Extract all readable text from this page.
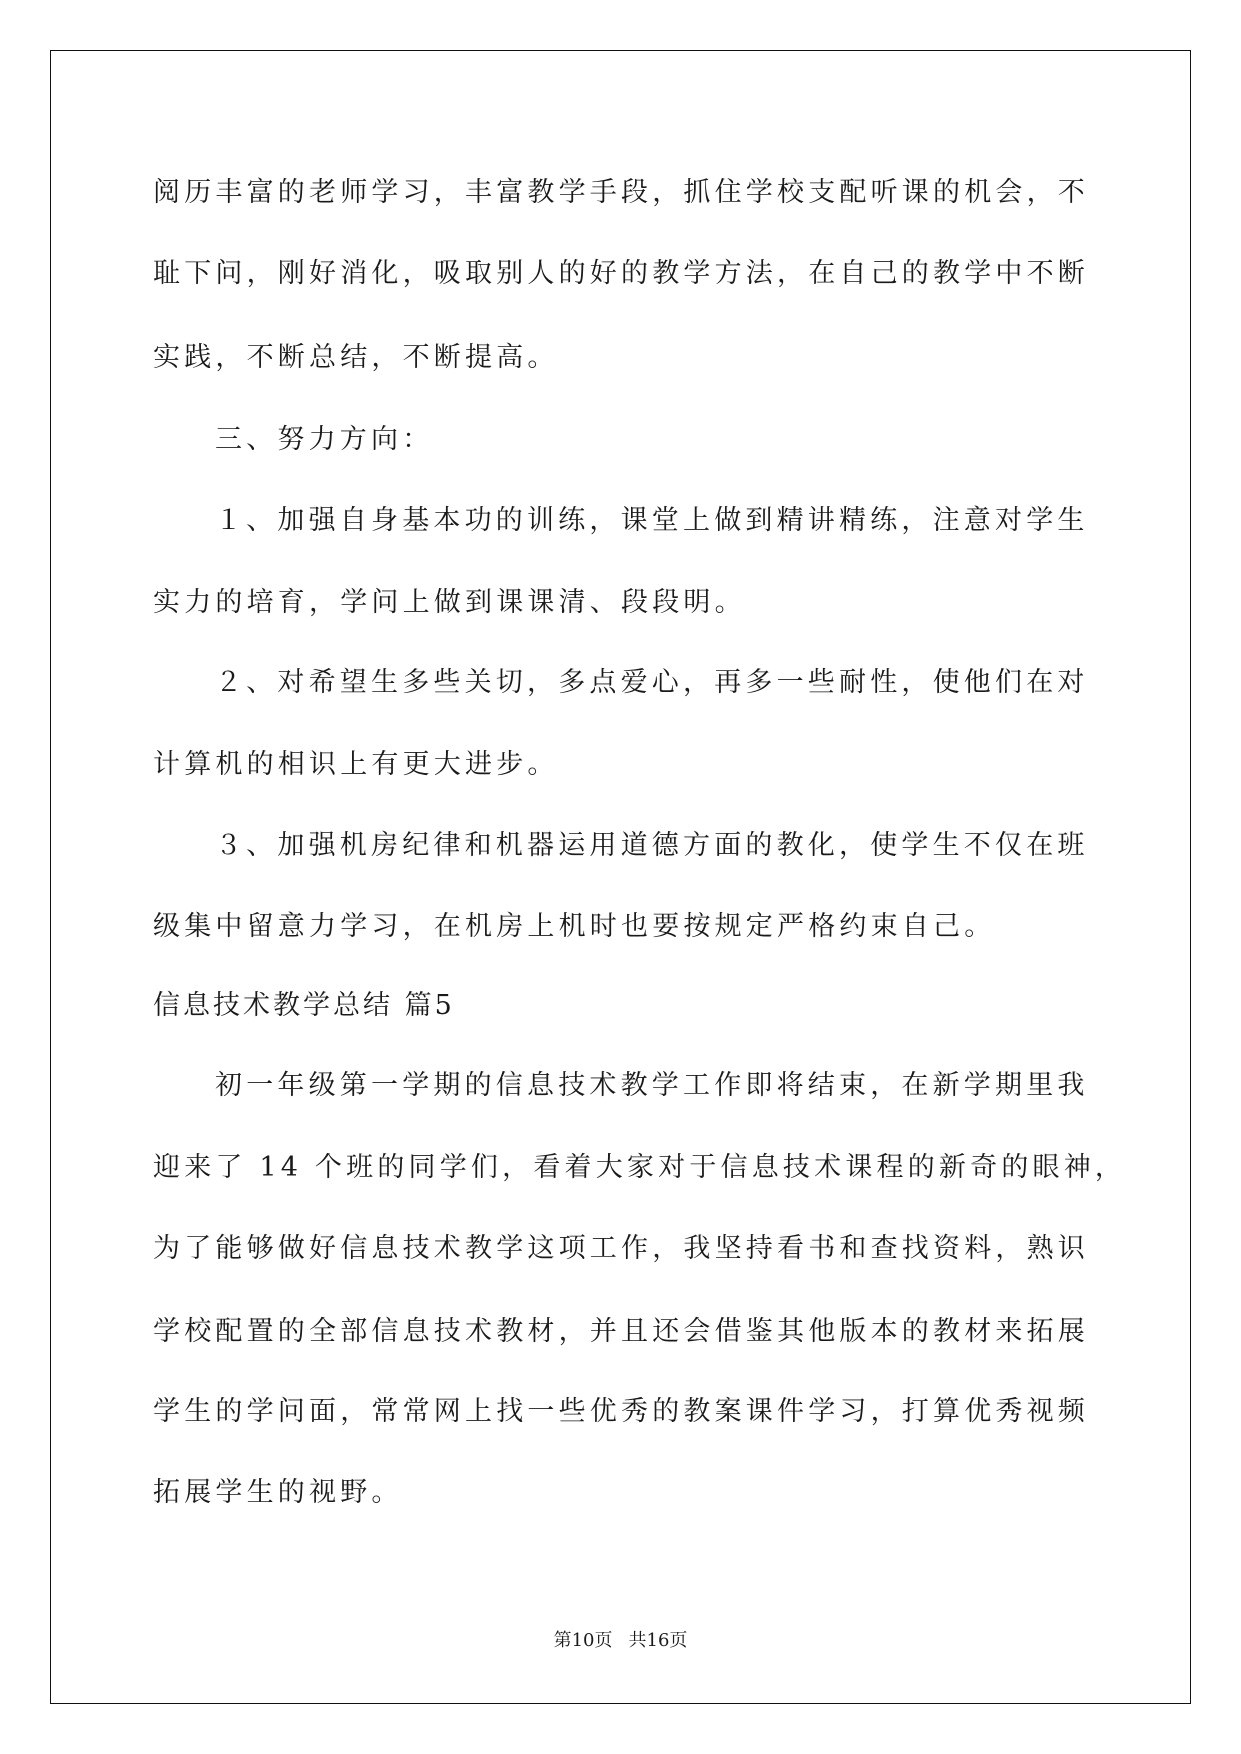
阅历丰富的老师学习，丰富教学手段，抓住学校支配听课的机会，不
耻下问，刚好消化，吸取别人的好的教学方法，在自己的教学中不断
实践，不断总结，不断提高。
三、努力方向：
１、加强自身基本功的训练，课堂上做到精讲精练，注意对学生
实力的培育，学问上做到课课清、段段明。
２、对希望生多些关切，多点爱心，再多一些耐性，使他们在对
计算机的相识上有更大进步。
３、加强机房纪律和机器运用道德方面的教化，使学生不仅在班
级集中留意力学习，在机房上机时也要按规定严格约束自己。
信息技术教学总结 篇5
初一年级第一学期的信息技术教学工作即将结束，在新学期里我
迎来了 14 个班的同学们，看着大家对于信息技术课程的新奇的眼神，
为了能够做好信息技术教学这项工作，我坚持看书和查找资料，熟识
学校配置的全部信息技术教材，并且还会借鉴其他版本的教材来拓展
学生的学问面，常常网上找一些优秀的教案课件学习，打算优秀视频
拓展学生的视野。
第10页 共16页
